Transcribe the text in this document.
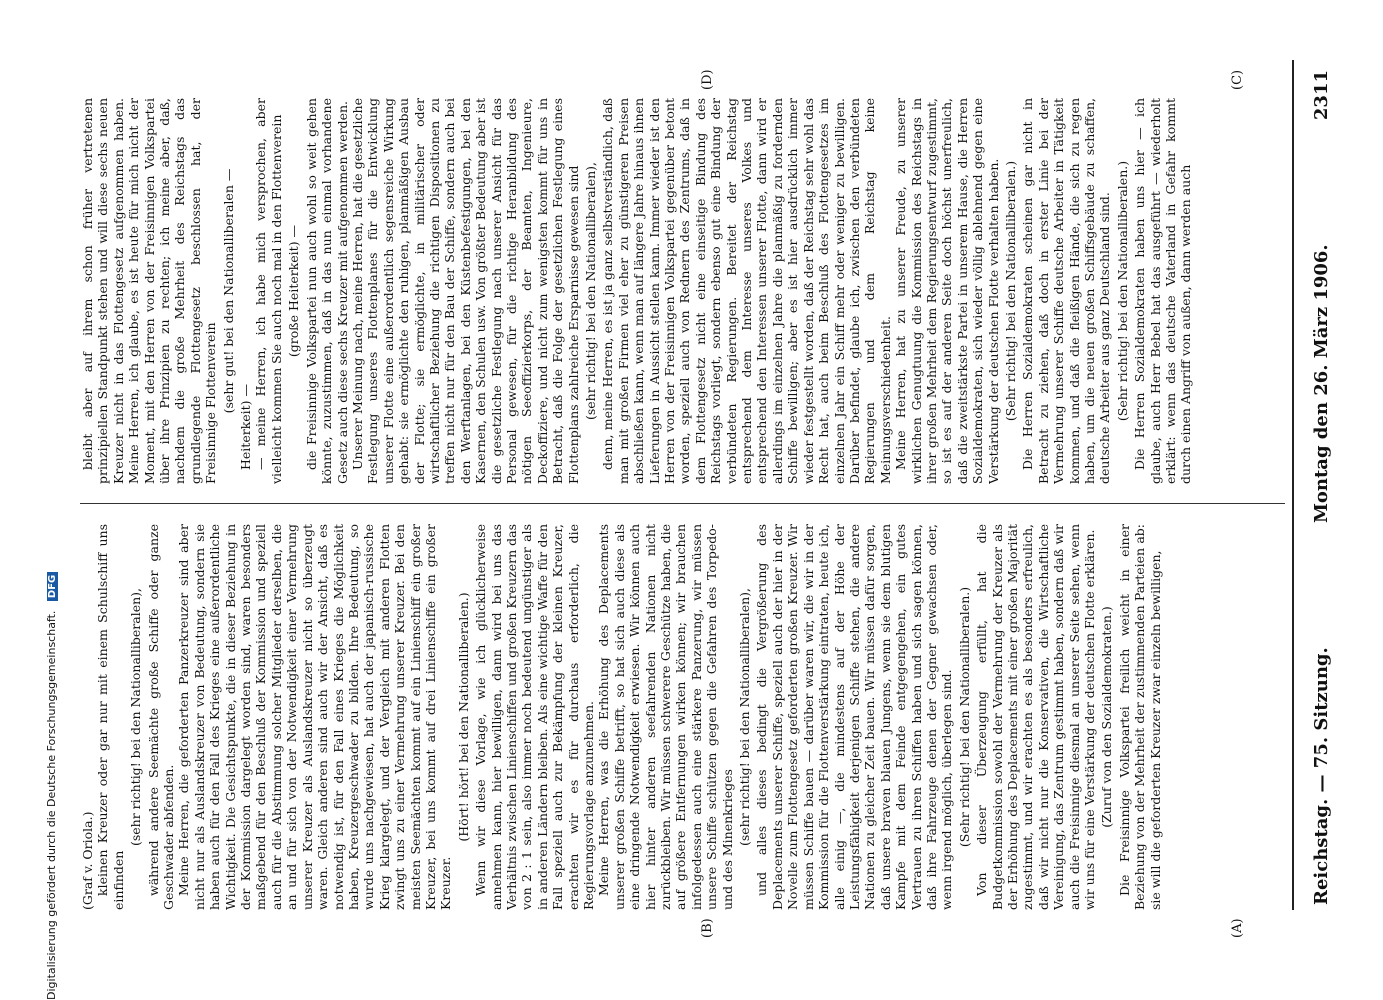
Reichstag. — 75. Sitzung.
Montag den 26. März 1906.
2311

(Graf v. Oriola.) kleinen Kreuzer oder gar nur mit einem Schulschiff uns einfinden

(sehr richtig! bei den Nationalliberalen), während andere Seemächte große Schiffe oder ganze Geschwader abfenden. Meine Herren, die geforderten Panzerkreuzer sind aber nicht nur als Auslandskreuzer von Bedeutung, sondern sie haben auch für den Fall des Krieges eine außerordentliche Wichtigkeit. Die Gesichtspunkte, die in dieser Beziehung in der Kommission dargelegt worden sind, waren besonders maßgebend für den Beschluß der Kommission und speziell auch für die Abstimmung solcher Mitglieder derselben, die an und für sich von der Notwendigkeit einer Vermehrung unserer Kreuzer als Auslandskreuzer nicht so überzeugt waren. Gleich anderen sind auch wir der Ansicht, daß es notwendig ist, für den Fall eines Krieges die Möglichkeit haben, Kreuzergeschwader zu bilden. Ihre Bedeutung, so wurde uns nachgewiesen, hat auch der japanisch-russische Krieg klargelegt, und der Vergleich mit anderen Flotten zwingt uns zu einer Vermehrung unserer Kreuzer. Bei den meisten Seemächten kommt auf ein Linienschiff ein großer Kreuzer, bei uns kommt auf drei Linienschiffe ein großer Kreuzer.

(Hört! hört! bei den Nationalliberalen.) Wenn wir diese Vorlage, wie ich glücklicherweise annehmen kann, hier bewilligen, dann wird bei uns das Verhältnis zwischen Linienschiffen und großen Kreuzern das von 2 : 1 sein, also immer noch bedeutend ungünstiger als in anderen Ländern bleiben. Als eine wichtige Waffe für den Fall speziell auch zur Bekämpfung der kleinen Kreuzer, erachten wir es für durchaus erforderlich, die Regierungsvorlage anzunehmen. Meine Herren, was die Erhöhung des Deplacements unserer großen Schiffe betrifft, so hat sich auch diese als eine dringende Notwendigkeit erwiesen. Wir können auch hier hinter anderen seefahrenden Nationen nicht zurückbleiben. Wir müssen schwerere Geschütze haben, die auf größere Entfernungen wirken können; wir brauchen infolgedessen auch eine stärkere Panzerung, wir müssen unsere Schiffe schützen gegen die Gefahren des Torpedo- und des Minenkrieges (sehr richtig! bei den Nationalliberalen), und alles dieses bedingt die Vergrößerung des Deplacements unserer Schiffe, speziell auch der hier in der Novelle zum Flottengesetz geforderten großen Kreuzer. Wir müssen Schiffe bauen — darüber waren wir, die wir in der Kommission für die Flottenverstärkung eintraten, heute ich, alle einig —, die mindestens auf der Höhe der Leistungsfähigkeit derjenigen Schiffe stehen, die andere Nationen zu gleicher Zeit bauen. Wir müssen dafür sorgen, daß unsere braven blauen Jungens, wenn sie dem blutigen Kampfe mit dem Feinde entgegengehen, ein gutes Vertrauen zu ihren Schiffen haben und sich sagen können, daß ihre Fahrzeuge denen der Gegner gewachsen oder, wenn irgend möglich, überlegen sind. (Sehr richtig! bei den Nationalliberalen.) Von dieser Überzeugung erfüllt, hat die Budgetkommission sowohl der Vermehrung der Kreuzer als der Erhöhung des Deplacements mit einer großen Majorität zugestimmt, und wir erachten es als besonders erfreulich, daß wir nicht nur die Konservativen, die Wirtschaftliche Vereinigung, das Zentrum gestimmt haben, sondern daß wir auch die Freisinnige diesmal an unserer Seite sehen, wenn wir uns für eine Verstärkung der deutschen Flotte erklären. (Zuruf von den Sozialdemokraten.) Die Freisinnige Volkspartei freilich weicht in einer Beziehung von der Mehrheit der zustimmenden Parteien ab: sie will die geforderten Kreuzer zwar einzeln bewilligen,

bleibt aber auf ihrem schon früher vertretenen prinzipiellen Standpunkt stehen und will diese sechs neuen Kreuzer nicht in das Flottengesetz aufgenommen haben. Meine Herren, ich glaube, es ist heute für mich nicht der Moment, mit den Herren von der Freisinnigen Volkspartei über ihre Prinzipien zu rechten; ich meine aber, daß, nachdem die große Mehrheit des Reichstags das grundlegende Flottengesetz beschlossen hat, der Freisinnige Flottenverein (sehr gut! bei den Nationalliberalen —

Heiterkeit) — — meine Herren, ich habe mich versprochen, aber vielleicht kommen Sie auch noch mal in den Flottenverein (große Heiterkeit) — die Freisinnige Volkspartei nun auch wohl so weit gehen könnte, zuzustimmen, daß in das nun einmal vorhandene Gesetz auch diese sechs Kreuzer mit aufgenommen werden. Unserer Meinung nach, meine Herren, hat die gesetzliche Festlegung unseres Flottenplanes für die Entwicklung unserer Flotte eine außerordentlich segensreiche Wirkung gehabt: sie ermöglichte den ruhigen, planmäßigen Ausbau der Flotte; sie ermöglichte, in militärischer oder wirtschaftlicher Beziehung die richtigen Dispositionen zu treffen nicht nur für den Bau der Schiffe, sondern auch bei den Werftanlagen, bei den Küstenbefestigungen, bei den Kasernen, den Schulen usw. Von größter Bedeutung aber ist die gesetzliche Festlegung nach unserer Ansicht für das Personal gewesen, für die richtige Heranbildung des nötigen Seeoffizierkorps, der Beamten, Ingenieure, Deckoffiziere, und nicht zum wenigsten kommt für uns in Betracht, daß die Folge der gesetzlichen Festlegung eines Flottenplans zahlreiche Ersparnisse gewesen sind (sehr richtig! bei den Nationalliberalen), denn, meine Herren, es ist ja ganz selbstverständlich, daß man mit großen Firmen viel eher zu günstigeren Preisen abschließen kann, wenn man auf längere Jahre hinaus ihnen Lieferungen in Aussicht stellen kann. Immer wieder ist den Herren von der Freisinnigen Volkspartei gegenüber betont worden, speziell auch von Rednern des Zentrums, daß in dem Flottengesetz nicht eine einseitige Bindung des Reichstags vorliegt, sondern ebenso gut eine Bindung der verbündeten Regierungen. Bereitet der Reichstag entsprechend dem Interesse unseres Volkes und entsprechend den Interessen unserer Flotte, dann wird er allerdings im einzelnen Jahre die planmäßig zu fordernden Schiffe bewilligen; aber es ist hier ausdrücklich immer wieder festgestellt worden, daß der Reichstag sehr wohl das Recht hat, auch beim Beschluß des Flottengesetzes im einzelnen Jahr ein Schiff mehr oder weniger zu bewilligen. Darüber befindet, glaube ich, zwischen den verbündeten Regierungen und dem Reichstag keine Meinungsverschiedenheit. Meine Herren, hat zu unserer Freude, zu unserer wirklichen Genugtuung die Kommission des Reichstags in ihrer großen Mehrheit dem Regierungsentwurf zugestimmt, so ist es auf der anderen Seite doch höchst unerfreulich, daß die zweitstärkste Partei in unserem Hause, die Herren Sozialdemokraten, sich wieder völlig ablehnend gegen eine Verstärkung der deutschen Flotte verhalten haben. (Sehr richtig! bei den Nationalliberalen.) Die Herren Sozialdemokraten scheinen gar nicht in Betracht zu ziehen, daß doch in erster Linie bei der Vermehrung unserer Schiffe deutsche Arbeiter in Tätigkeit kommen, und daß die fleißigen Hände, die sich zu regen haben, um die neuen großen Schiffsgebäude zu schaffen, deutsche Arbeiter aus ganz Deutschland sind. (Sehr richtig! bei den Nationalliberalen.) Die Herren Sozialdemokraten haben uns hier — ich glaube, auch Herr Bebel hat das ausgeführt — wiederholt erklärt: wenn das deutsche Vaterland in Gefahr kommt durch einen Angriff von außen, dann werden auch

(A)
(B)
(C)
(D)
Digitalisierung gefördert durch die Deutsche Forschungsgemeinschaft. DFG
